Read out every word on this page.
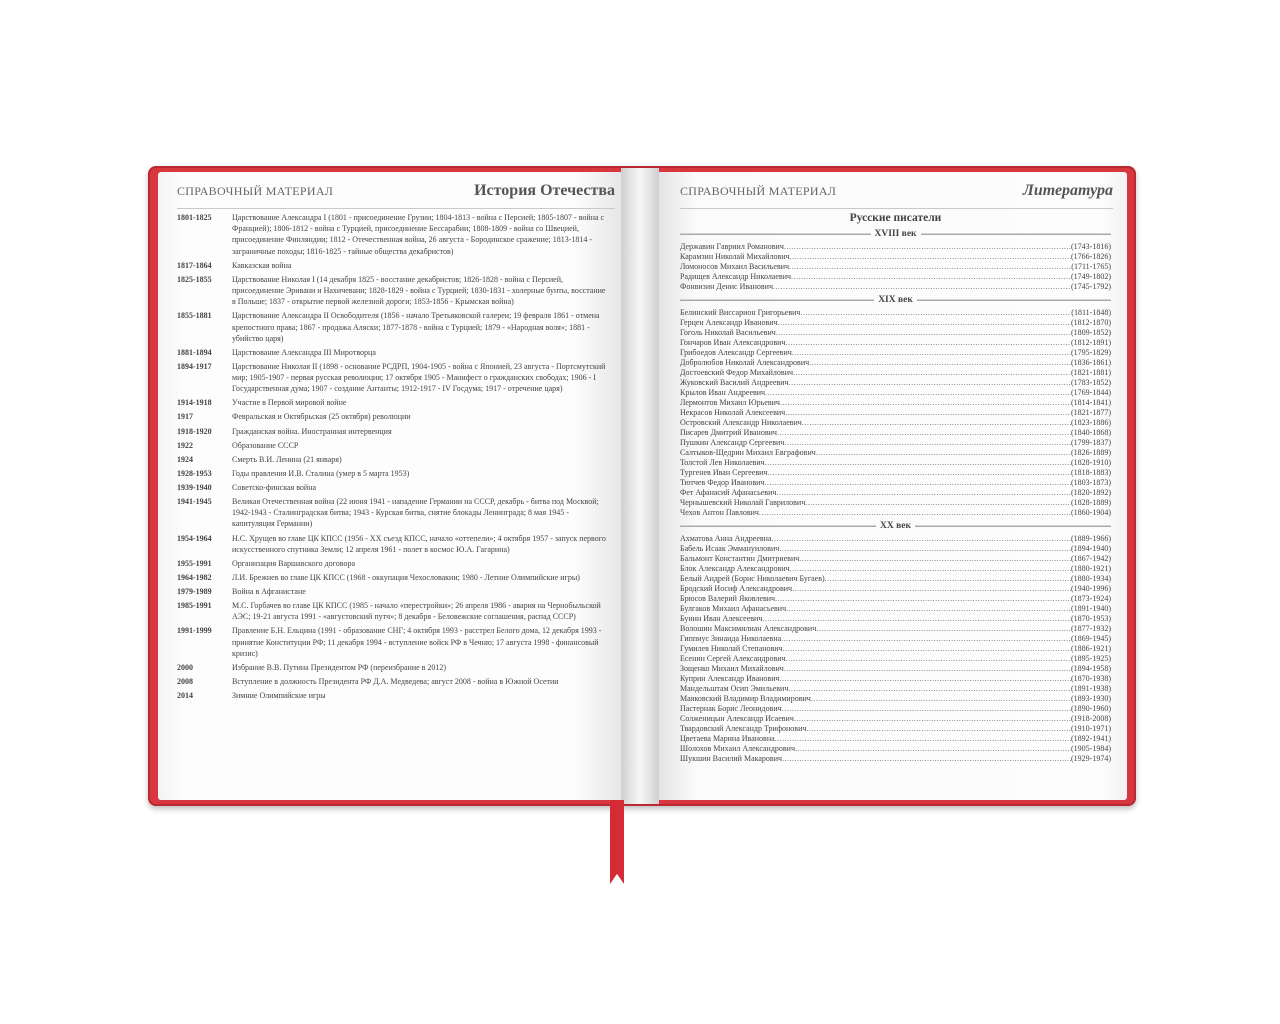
СПРАВОЧНЫЙ МАТЕРИАЛ	История Отечества	СПРАВОЧНЫЙ МАТЕРИАЛ	Литература
1801-1825	Царствование Александра I (1801 - присоединение Грузии; 1804-1813 - война с Персией; 1805-1807 - война с Францией); 1806-1812 - война с Турцией, присоединение Бессарабии; 1808-1809 - война со Швецией, присоединение Финляндии; 1812 - Отечественная война, 26 августа - Бородинское сражение; 1813-1814 - заграничные походы; 1816-1825 - тайные общества декабристов)
1817-1864	Кавказская война
1825-1855	Царствование Николая I (14 декабря 1825 - восстание декабристов; 1826-1828 - война с Персией, присоединение Эривани и Нахичевани; 1828-1829 - война с Турцией; 1830-1831 - холерные бунты, восстание в Польше; 1837 - открытие первой железной дороги; 1853-1856 - Крымская война)
1855-1881	Царствование Александра II Освободителя (1856 - начало Третьяковской галереи; 19 февраля 1861 - отмена крепостного права; 1867 - продажа Аляски; 1877-1878 - война с Турцией; 1879 - «Народная воля»; 1881 - убийство царя)
1881-1894	Царствование Александра III Миротворца
1894-1917	Царствование Николая II (1898 - основание РСДРП, 1904-1905 - война с Японией, 23 августа - Портсмутский мир; 1905-1907 - первая русская революция; 17 октября 1905 - Манифест о гражданских свободах; 1906 - I Государственная дума; 1907 - создание Антанты; 1912-1917 - IV Госдума; 1917 - отречение царя)
1914-1918	Участие в Первой мировой войне
1917	Февральская и Октябрьская (25 октября) революции
1918-1920	Гражданская война. Иностранная интервенция
1922	Образование СССР
1924	Смерть В.И. Ленина (21 января)
1928-1953	Годы правления И.В. Сталина (умер в 5 марта 1953)
1939-1940	Советско-финская война
1941-1945	Великая Отечественная война (22 июня 1941 - нападение Германии на СССР, декабрь - битва под Москвой; 1942-1943 - Сталинградская битва; 1943 - Курская битва, снятие блокады Ленинграда; 8 мая 1945 - капитуляция Германии)
1954-1964	Н.С. Хрущев во главе ЦК КПСС (1956 - XX съезд КПСС, начало «оттепели»; 4 октября 1957 - запуск первого искусственного спутника Земли; 12 апреля 1961 - полет в космос Ю.А. Гагарина)
1955-1991	Организация Варшавского договора
1964-1982	Л.И. Брежнев во главе ЦК КПСС (1968 - оккупация Чехословакии; 1980 - Летние Олимпийские игры)
1979-1989	Война в Афганистане
1985-1991	М.С. Горбачев во главе ЦК КПСС (1985 - начало «перестройки»; 26 апреля 1986 - авария на Чернобыльской АЭС; 19-21 августа 1991 - «августовский путч»; 8 декабря - Беловежские соглашения, распад СССР)
1991-1999	Правление Б.Н. Ельцина (1991 - образование СНГ; 4 октября 1993 - расстрел Белого дома, 12 декабря 1993 - принятие Конституции РФ; 11 декабря 1994 - вступление войск РФ в Чечню; 17 августа 1998 - финансовый кризис)
2000	Избрание В.В. Путина Президентом РФ (переизбрание в 2012)
2008	Вступление в должность Президента РФ Д.А. Медведева; август 2008 - война в Южной Осетии
2014	Зимние Олимпийские игры
Русские писатели
XVIII век
Державин Гавриил Романович .....	(1743-1816)
Карамзин Николай Михайлович .....	(1766-1826)
Ломоносов Михаил Васильевич .....	(1711-1765)
Радищев Александр Николаевич .....	(1749-1802)
Фонвизин Денис Иванович .....	(1745-1792)
XIX век
Белинский Виссарион Григорьевич .....	(1811-1848)
Герцен Александр Иванович .....	(1812-1870)
Гоголь Николай Васильевич .....	(1809-1852)
Гончаров Иван Александрович .....	(1812-1891)
Грибоедов Александр Сергеевич .....	(1795-1829)
Добролюбов Николай Александрович .....	(1836-1861)
Достоевский Федор Михайлович .....	(1821-1881)
Жуковский Василий Андреевич .....	(1783-1852)
Крылов Иван Андреевич .....	(1769-1844)
Лермонтов Михаил Юрьевич .....	(1814-1841)
Некрасов Николай Алексеевич .....	(1821-1877)
Островский Александр Николаевич .....	(1823-1886)
Писарев Дмитрий Иванович .....	(1840-1868)
Пушкин Александр Сергеевич .....	(1799-1837)
Салтыков-Щедрин Михаил Евграфович .....	(1826-1889)
Толстой Лев Николаевич .....	(1828-1910)
Тургенев Иван Сергеевич .....	(1818-1883)
Тютчев Федор Иванович .....	(1803-1873)
Фет Афанасий Афанасьевич .....	(1820-1892)
Чернышевский Николай Гаврилович .....	(1828-1889)
Чехов Антон Павлович .....	(1860-1904)
XX век
Ахматова Анна Андреевна .....	(1889-1966)
Бабель Исаак Эммануилович .....	(1894-1940)
Бальмонт Константин Дмитриевич .....	(1867-1942)
Блок Александр Александрович .....	(1880-1921)
Белый Андрей (Борис Николаевич Бугаев) .....	(1880-1934)
Бродский Иосиф Александрович .....	(1940-1996)
Брюсов Валерий Яковлевич .....	(1873-1924)
Булгаков Михаил Афанасьевич .....	(1891-1940)
Бунин Иван Алексеевич .....	(1870-1953)
Волошин Максимилиан Александрович .....	(1877-1932)
Гиппиус Зинаида Николаевна .....	(1869-1945)
Гумилев Николай Степанович .....	(1886-1921)
Есенин Сергей Александрович .....	(1895-1925)
Зощенко Михаил Михайлович .....	(1894-1958)
Куприн Александр Иванович .....	(1870-1938)
Мандельштам Осип Эмильевич .....	(1891-1938)
Маяковский Владимир Владимирович .....	(1893-1930)
Пастернак Борис Леонидович .....	(1890-1960)
Солженицын Александр Исаевич .....	(1918-2008)
Твардовский Александр Трифонович .....	(1910-1971)
Цветаева Марина Ивановна .....	(1892-1941)
Шолохов Михаил Александрович .....	(1905-1984)
Шукшин Василий Макарович .....	(1929-1974)
